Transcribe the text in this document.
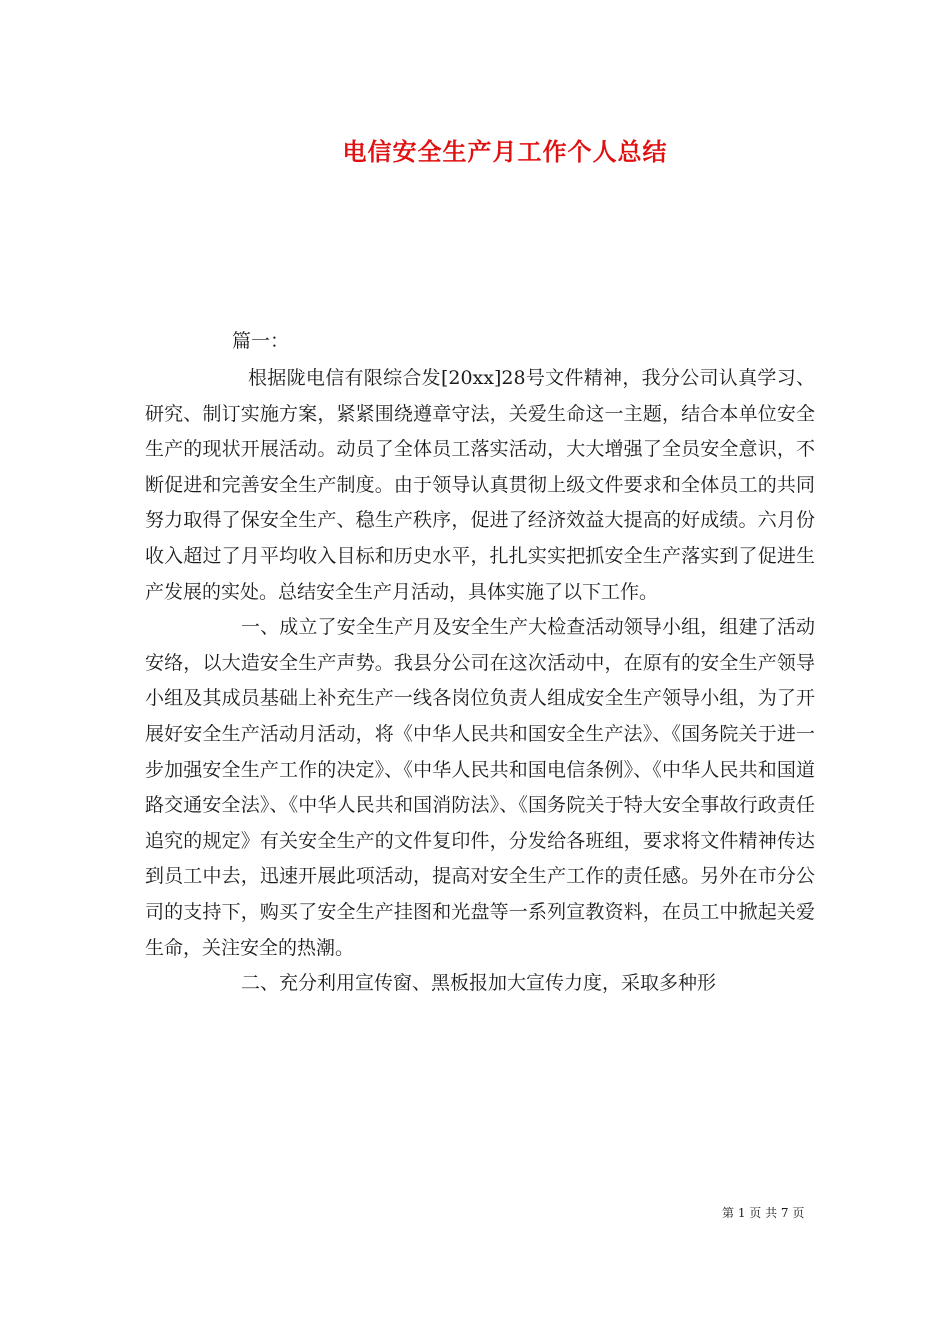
电信安全生产月工作个人总结
篇一：

根据陇电信有限综合发[20xx]28号文件精神，我分公司认真学习、研究、制订实施方案，紧紧围绕遵章守法，关爱生命这一主题，结合本单位安全生产的现状开展活动。动员了全体员工落实活动，大大增强了全员安全意识，不断促进和完善安全生产制度。由于领导认真贯彻上级文件要求和全体员工的共同努力取得了保安全生产、稳生产秩序，促进了经济效益大提高的好成绩。六月份收入超过了月平均收入目标和历史水平，扎扎实实把抓安全生产落实到了促进生产发展的实处。总结安全生产月活动，具体实施了以下工作。

一、成立了安全生产月及安全生产大检查活动领导小组，组建了活动安络，以大造安全生产声势。我县分公司在这次活动中，在原有的安全生产领导小组及其成员基础上补充生产一线各岗位负责人组成安全生产领导小组，为了开展好安全生产活动月活动，将《中华人民共和国安全生产法》、《国务院关于进一步加强安全生产工作的决定》、《中华人民共和国电信条例》、《中华人民共和国道路交通安全法》、《中华人民共和国消防法》、《国务院关于特大安全事故行政责任追究的规定》有关安全生产的文件复印件，分发给各班组，要求将文件精神传达到员工中去，迅速开展此项活动，提高对安全生产工作的责任感。另外在市分公司的支持下，购买了安全生产挂图和光盘等一系列宣教资料，在员工中掀起关爱生命，关注安全的热潮。

二、充分利用宣传窗、黑板报加大宣传力度，采取多种形

第 1 页 共 7 页
